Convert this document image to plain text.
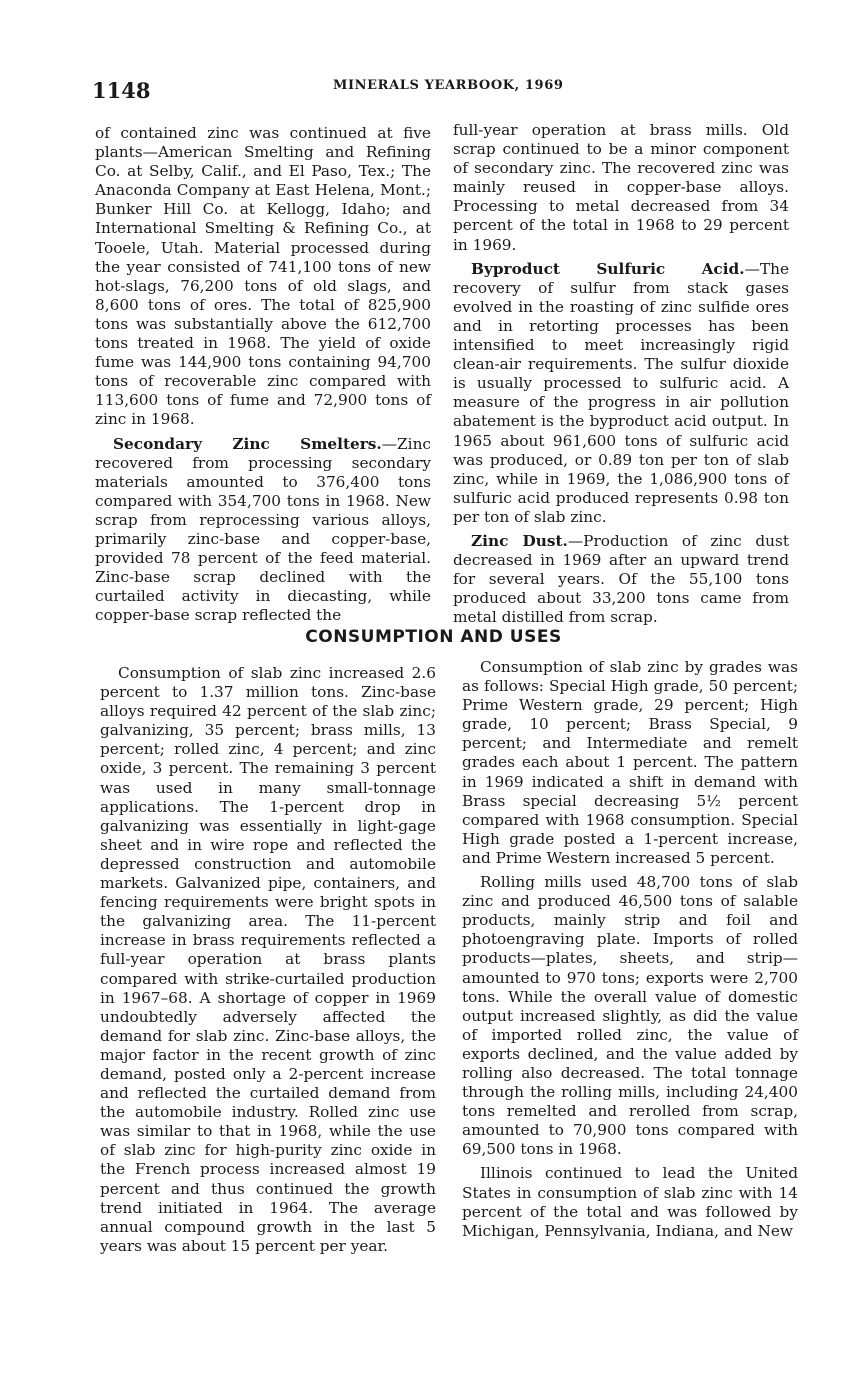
1148	MINERALS YEARBOOK, 1969

of contained zinc was continued at five plants—American Smelting and Refining Co. at Selby, Calif., and El Paso, Tex.; The Anaconda Company at East Helena, Mont.; Bunker Hill Co. at Kellogg, Idaho; and International Smelting & Refining Co., at Tooele, Utah. Material processed during the year consisted of 741,100 tons of new hot-slags, 76,200 tons of old slags, and 8,600 tons of ores. The total of 825,900 tons was substantially above the 612,700 tons treated in 1968. The yield of oxide fume was 144,900 tons containing 94,700 tons of recoverable zinc compared with 113,600 tons of fume and 72,900 tons of zinc in 1968.

Secondary Zinc Smelters.—Zinc recovered from processing secondary materials amounted to 376,400 tons compared with 354,700 tons in 1968. New scrap from reprocessing various alloys, primarily zinc-base and copper-base, provided 78 percent of the feed material. Zinc-base scrap declined with the curtailed activity in diecasting, while copper-base scrap reflected the

full-year operation at brass mills. Old scrap continued to be a minor component of secondary zinc. The recovered zinc was mainly reused in copper-base alloys. Processing to metal decreased from 34 percent of the total in 1968 to 29 percent in 1969.

Byproduct Sulfuric Acid.—The recovery of sulfur from stack gases evolved in the roasting of zinc sulfide ores and in retorting processes has been intensified to meet increasingly rigid clean-air requirements. The sulfur dioxide is usually processed to sulfuric acid. A measure of the progress in air pollution abatement is the byproduct acid output. In 1965 about 961,600 tons of sulfuric acid was produced, or 0.89 ton per ton of slab zinc, while in 1969, the 1,086,900 tons of sulfuric acid produced represents 0.98 ton per ton of slab zinc.

Zinc Dust.—Production of zinc dust decreased in 1969 after an upward trend for several years. Of the 55,100 tons produced about 33,200 tons came from metal distilled from scrap.

CONSUMPTION AND USES

Consumption of slab zinc increased 2.6 percent to 1.37 million tons. Zinc-base alloys required 42 percent of the slab zinc; galvanizing, 35 percent; brass mills, 13 percent; rolled zinc, 4 percent; and zinc oxide, 3 percent. The remaining 3 percent was used in many small-tonnage applications. The 1-percent drop in galvanizing was essentially in light-gage sheet and in wire rope and reflected the depressed construction and automobile markets. Galvanized pipe, containers, and fencing requirements were bright spots in the galvanizing area. The 11-percent increase in brass requirements reflected a full-year operation at brass plants compared with strike-curtailed production in 1967–68. A shortage of copper in 1969 undoubtedly adversely affected the demand for slab zinc. Zinc-base alloys, the major factor in the recent growth of zinc demand, posted only a 2-percent increase and reflected the curtailed demand from the automobile industry. Rolled zinc use was similar to that in 1968, while the use of slab zinc for high-purity zinc oxide in the French process increased almost 19 percent and thus continued the growth trend initiated in 1964. The average annual compound growth in the last 5 years was about 15 percent per year.

Consumption of slab zinc by grades was as follows: Special High grade, 50 percent; Prime Western grade, 29 percent; High grade, 10 percent; Brass Special, 9 percent; and Intermediate and remelt grades each about 1 percent. The pattern in 1969 indicated a shift in demand with Brass special decreasing 5½ percent compared with 1968 consumption. Special High grade posted a 1-percent increase, and Prime Western increased 5 percent.

Rolling mills used 48,700 tons of slab zinc and produced 46,500 tons of salable products, mainly strip and foil and photoengraving plate. Imports of rolled products—plates, sheets, and strip—amounted to 970 tons; exports were 2,700 tons. While the overall value of domestic output increased slightly, as did the value of imported rolled zinc, the value of exports declined, and the value added by rolling also decreased. The total tonnage through the rolling mills, including 24,400 tons remelted and rerolled from scrap, amounted to 70,900 tons compared with 69,500 tons in 1968.

Illinois continued to lead the United States in consumption of slab zinc with 14 percent of the total and was followed by Michigan, Pennsylvania, Indiana, and New
